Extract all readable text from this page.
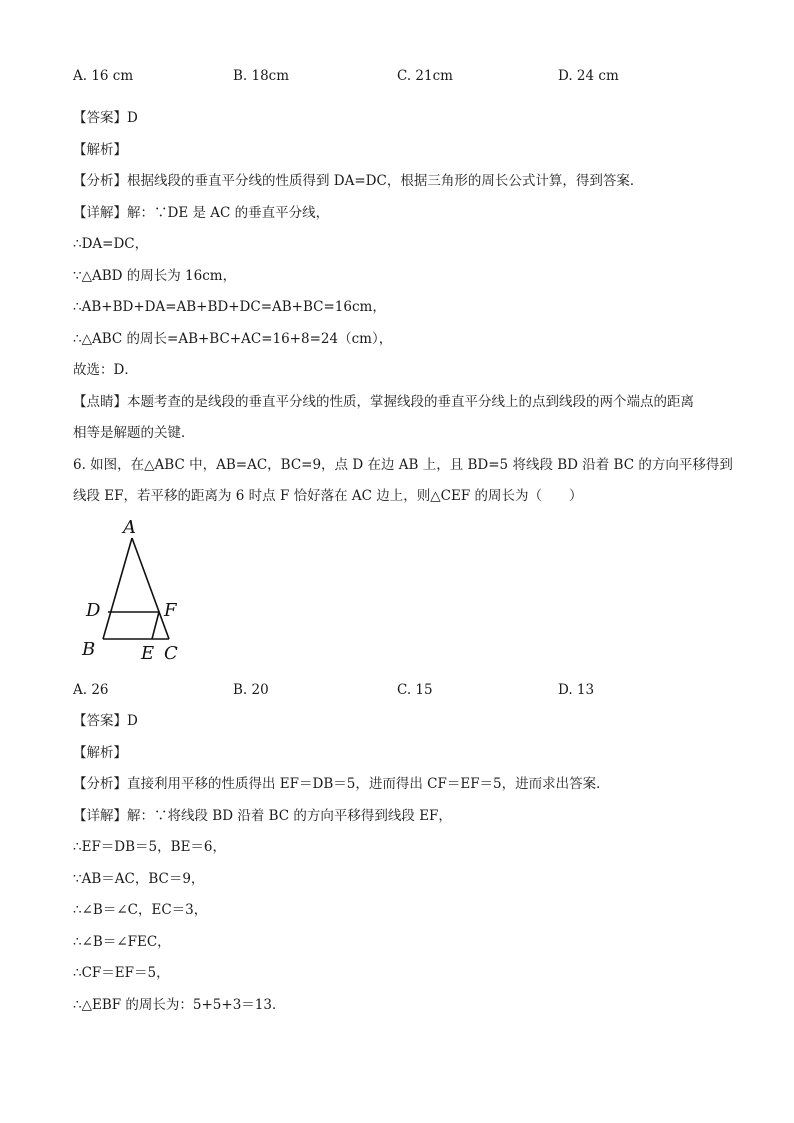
A. 16 cm	B. 18cm	C. 21cm	D. 24 cm
【答案】D
【解析】
【分析】根据线段的垂直平分线的性质得到 DA=DC，根据三角形的周长公式计算，得到答案．
【详解】解：∵DE 是 AC 的垂直平分线，
∴DA=DC，
∵△ABD 的周长为 16cm，
∴AB+BD+DA=AB+BD+DC=AB+BC=16cm，
∴△ABC 的周长=AB+BC+AC=16+8=24（cm），
故选：D．
【点睛】本题考查的是线段的垂直平分线的性质，掌握线段的垂直平分线上的点到线段的两个端点的距离
相等是解题的关键．
6. 如图，在△ABC 中，AB=AC，BC=9，点 D 在边 AB 上，且 BD=5 将线段 BD 沿着 BC 的方向平移得到
线段 EF，若平移的距离为 6 时点 F 恰好落在 AC 边上，则△CEF 的周长为（　　）
A
D	F
B	E C
A. 26	B. 20	C. 15	D. 13
【答案】D
【解析】
【分析】直接利用平移的性质得出 EF＝DB＝5，进而得出 CF＝EF＝5，进而求出答案．
【详解】解：∵将线段 BD 沿着 BC 的方向平移得到线段 EF，
∴EF＝DB＝5，BE＝6，
∵AB＝AC，BC＝9，
∴∠B＝∠C，EC＝3，
∴∠B＝∠FEC，
∴CF＝EF＝5，
∴△EBF 的周长为：5+5+3＝13．
